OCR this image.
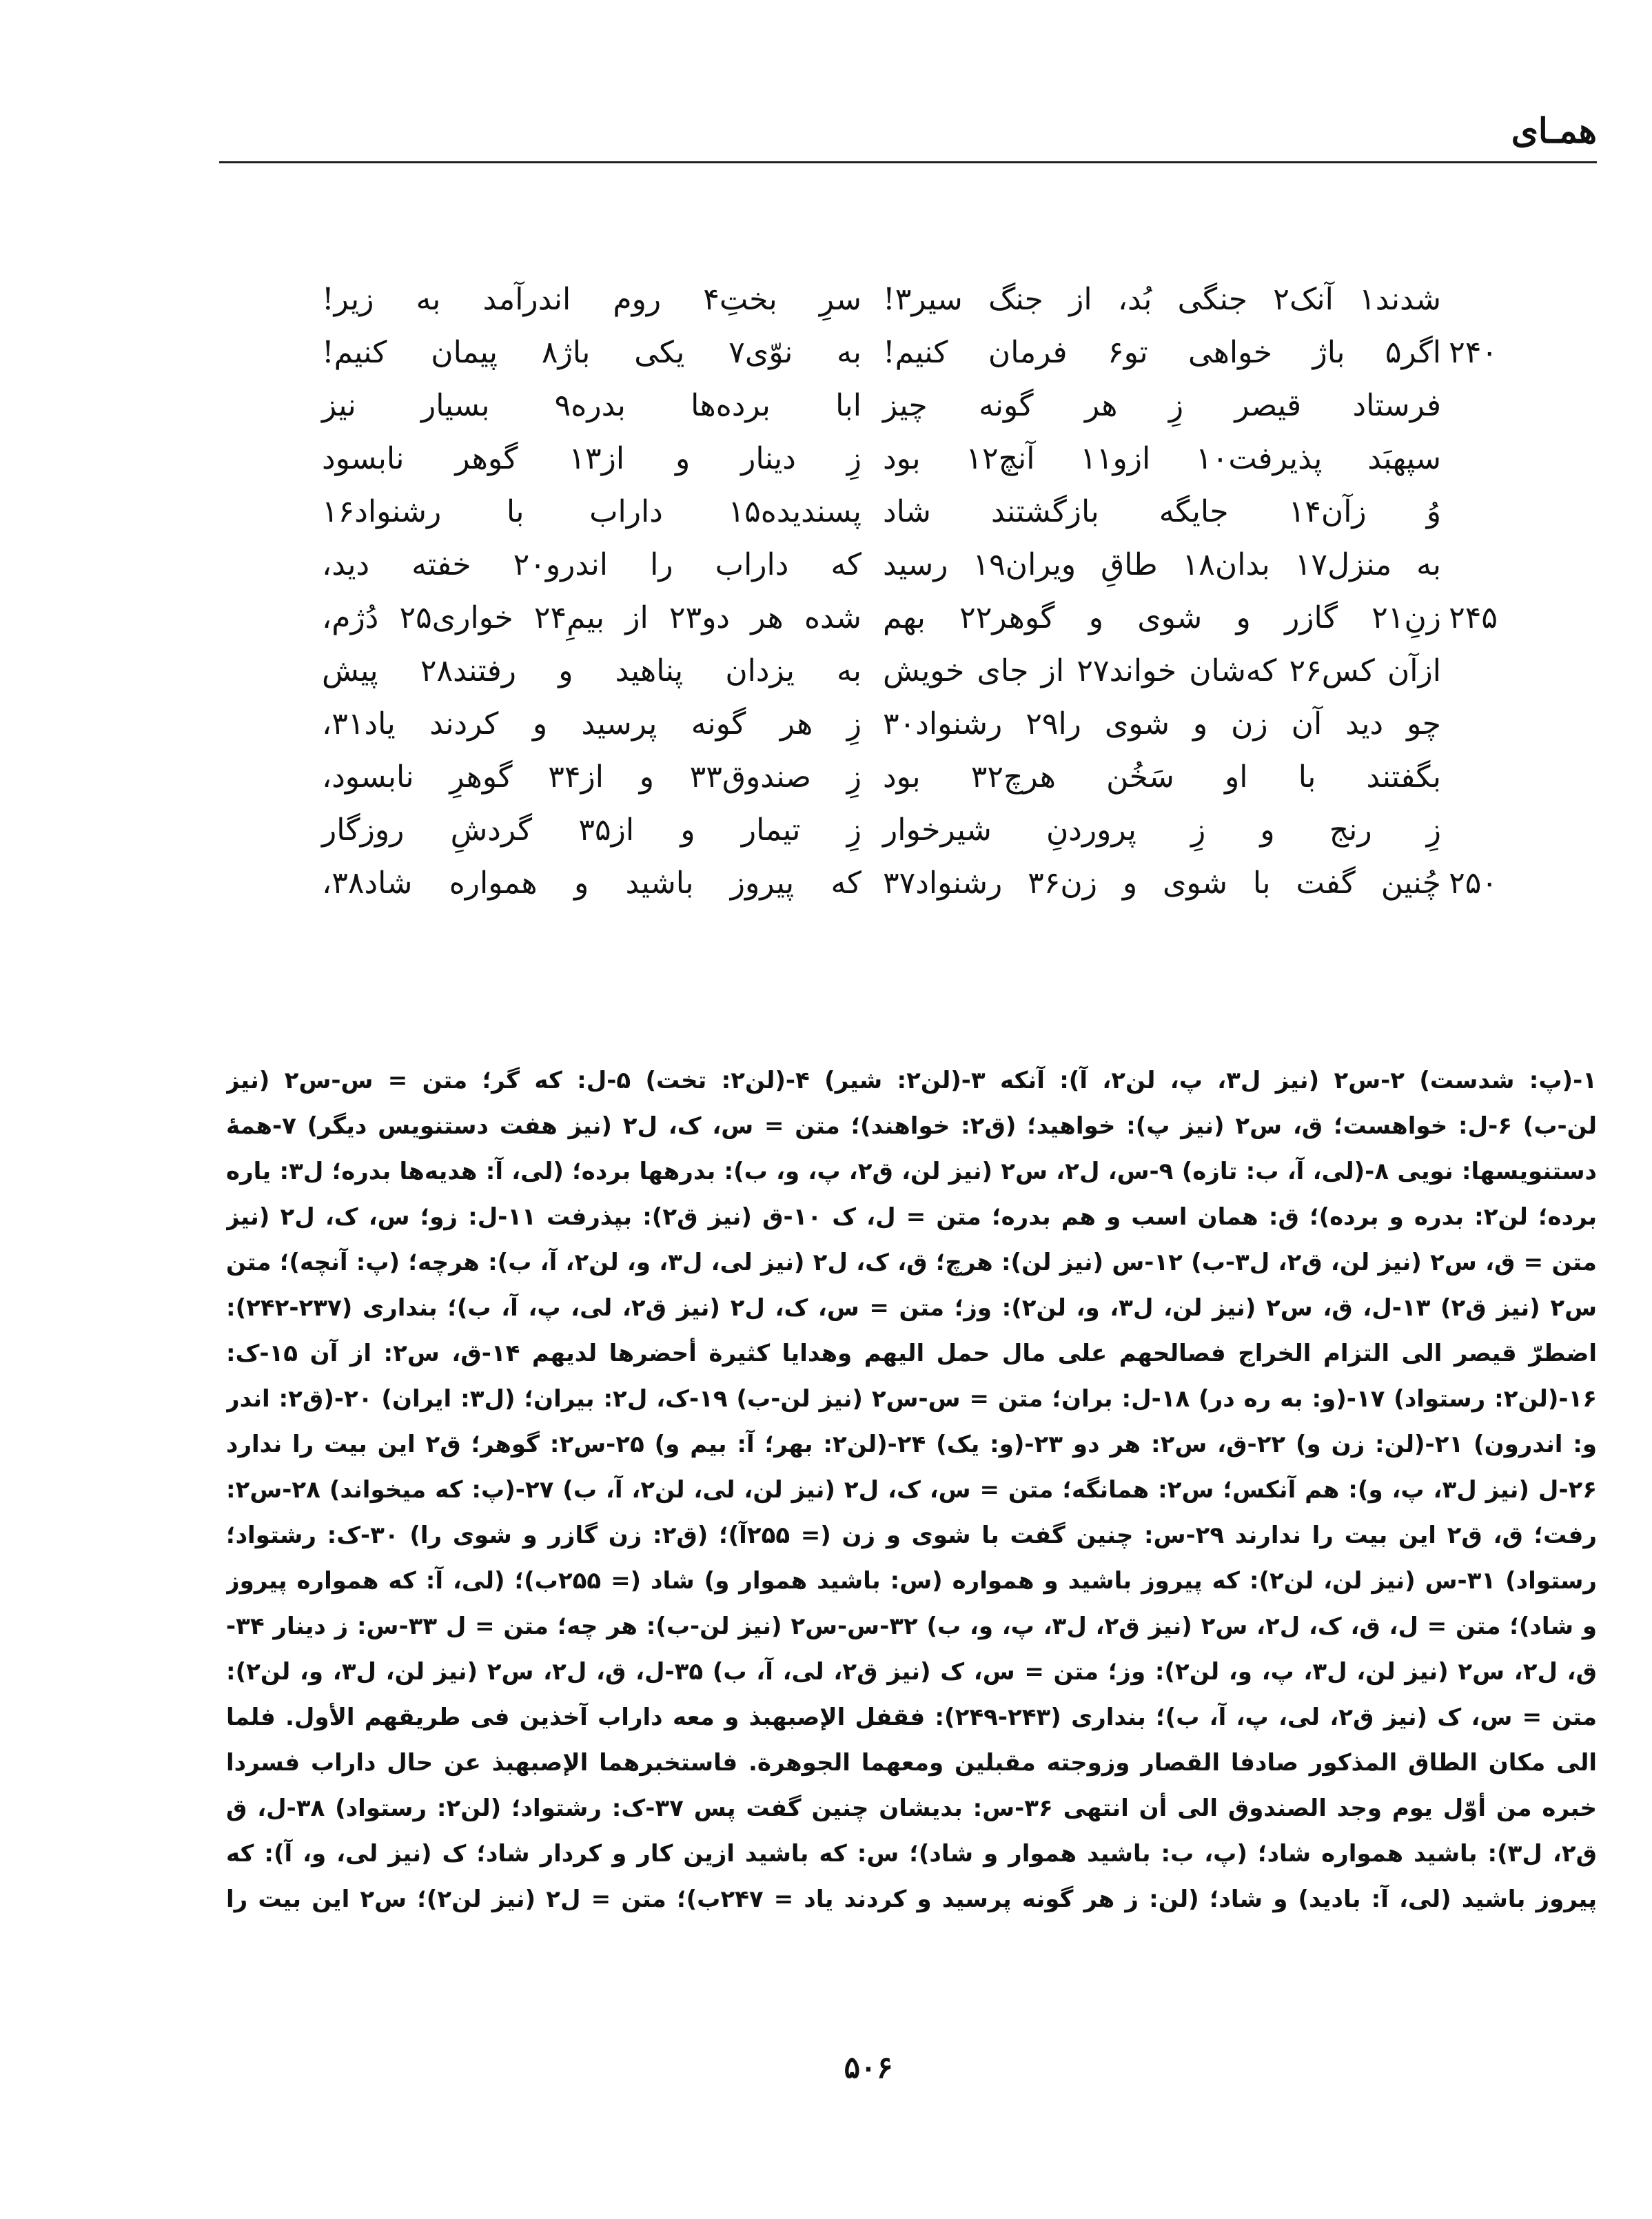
همـای
شدند۱ آنک۲ جنگی بُد، از جنگ سیر۳!
اگر۵ باژ خواهی تو۶ فرمان کنیم! ۲۴۰
فرستاد قیصر زِ هر گونه چیز
سپهبَد پذیرفت۱۰ ازو۱۱ آنچ۱۲ بود
وُ زآن۱۴ جایگه بازگشتند شاد
به منزل۱۷ بدان۱۸ طاقِ ویران۱۹ رسید
زنِ۲۱ گازر و شوی و گوهر۲۲ بهم ۲۴۵
ازآن کس۲۶ که‌شان خواند۲۷ از جای خویش
چو دید آن زن و شوی را۲۹ رشنواد۳۰
بگفتند با او سَخُن هرچ۳۲ بود
زِ رنج و زِ پروردنِ شیرخوار
چُنین گفت با شوی و زن۳۶ رشنواد۳۷ ۲۵۰
سرِ بختِ۴ روم اندرآمد به زیر!
به نوّی۷ یکی باژ۸ پیمان کنیم!
ابا برده‌ها بدره۹ بسیار نیز
زِ دینار و از۱۳ گوهر نابسود
پسندیده۱۵ داراب با رشنواد۱۶
که داراب را اندرو۲۰ خفته دید،
شده هر دو۲۳ از بیمِ۲۴ خواری۲۵ دُژم،
به یزدان پناهید و رفتند۲۸ پیش
زِ هر گونه پرسید و کردند یاد۳۱،
زِ صندوق۳۳ و از۳۴ گوهرِ نابسود،
زِ تیمار و از۳۵ گردشِ روزگار
که پیروز باشید و همواره شاد۳۸،
۱-(پ: شدست) ۲-س۲ (نیز ل۳، پ، لن۲، آ): آنکه ۳-(لن۲: شیر) ۴-(لن۲: تخت) ۵-ل: که گر؛ متن = س-س۲ (نیز
لن-ب) ۶-ل: خواهست؛ ق، س۲ (نیز پ): خواهید؛ (ق۲: خواهند)؛ متن = س، ک، ل۲ (نیز هفت دستنویس دیگر) ۷-همهٔ
دستنویسها: نویی ۸-(لی، آ، ب: تازه) ۹-س، ل۲، س۲ (نیز لن، ق۲، پ، و، ب): بدرهها برده؛ (لی، آ: هدیه‌ها بدره؛ ل۳: یاره
برده؛ لن۲: بدره و برده)؛ ق: همان اسب و هم بدره؛ متن = ل، ک ۱۰-ق (نیز ق۲): بپذرفت ۱۱-ل: زو؛ س، ک، ل۲ (نیز
متن = ق، س۲ (نیز لن، ق۲، ل۳-ب) ۱۲-س (نیز لن): هرچ؛ ق، ک، ل۲ (نیز لی، ل۳، و، لن۲، آ، ب): هرچه؛ (پ: آنچه)؛ متن
س۲ (نیز ق۲) ۱۳-ل، ق، س۲ (نیز لن، ل۳، و، لن۲): وز؛ متن = س، ک، ل۲ (نیز ق۲، لی، پ، آ، ب)؛ بنداری (۲۳۷-۲۴۲):
اضطرّ قیصر الی التزام الخراج فصالحهم علی مال حمل الیهم وهدایا کثیرة أحضرها لدیهم ۱۴-ق، س۲: از آن ۱۵-ک:
۱۶-(لن۲: رستواد) ۱۷-(و: به ره در) ۱۸-ل: بران؛ متن = س-س۲ (نیز لن-ب) ۱۹-ک، ل۲: بیران؛ (ل۳: ایران) ۲۰-(ق۲: اندر
و: اندرون) ۲۱-(لن: زن و) ۲۲-ق، س۲: هر دو ۲۳-(و: یک) ۲۴-(لن۲: بهر؛ آ: بیم و) ۲۵-س۲: گوهر؛ ق۲ این بیت را ندارد
۲۶-ل (نیز ل۳، پ، و): هم آنکس؛ س۲: همانگه؛ متن = س، ک، ل۲ (نیز لن، لی، لن۲، آ، ب) ۲۷-(پ: که میخواند) ۲۸-س۲:
رفت؛ ق، ق۲ این بیت را ندارند ۲۹-س: چنین گفت با شوی و زن (= ۲۵۵آ)؛ (ق۲: زن گازر و شوی را) ۳۰-ک: رشتواد؛
رستواد) ۳۱-س (نیز لن، لن۲): که پیروز باشید و همواره (س: باشید هموار و) شاد (= ۲۵۵ب)؛ (لی، آ: که همواره پیروز
و شاد)؛ متن = ل، ق، ک، ل۲، س۲ (نیز ق۲، ل۳، پ، و، ب) ۳۲-س-س۲ (نیز لن-ب): هر چه؛ متن = ل ۳۳-س: ز دینار ۳۴-
ق، ل۲، س۲ (نیز لن، ل۳، پ، و، لن۲): وز؛ متن = س، ک (نیز ق۲، لی، آ، ب) ۳۵-ل، ق، ل۲، س۲ (نیز لن، ل۳، و، لن۲):
متن = س، ک (نیز ق۲، لی، پ، آ، ب)؛ بنداری (۲۴۳-۲۴۹): فقفل الإصبهبذ و معه داراب آخذین فی طریقهم الأول. فلما
الی مکان الطاق المذکور صادفا القصار وزوجته مقبلین ومعهما الجوهرة. فاستخبرهما الإصبهبذ عن حال داراب فسردا
خبره من أوّل یوم وجد الصندوق الی أن انتهی ۳۶-س: بدیشان چنین گفت پس ۳۷-ک: رشتواد؛ (لن۲: رستواد) ۳۸-ل، ق
ق۲، ل۳): باشید همواره شاد؛ (پ، ب: باشید هموار و شاد)؛ س: که باشید ازین کار و کردار شاد؛ ک (نیز لی، و، آ): که
پیروز باشید (لی، آ: بادید) و شاد؛ (لن: ز هر گونه پرسید و کردند یاد = ۲۴۷ب)؛ متن = ل۲ (نیز لن۲)؛ س۲ این بیت را
۵۰۶
